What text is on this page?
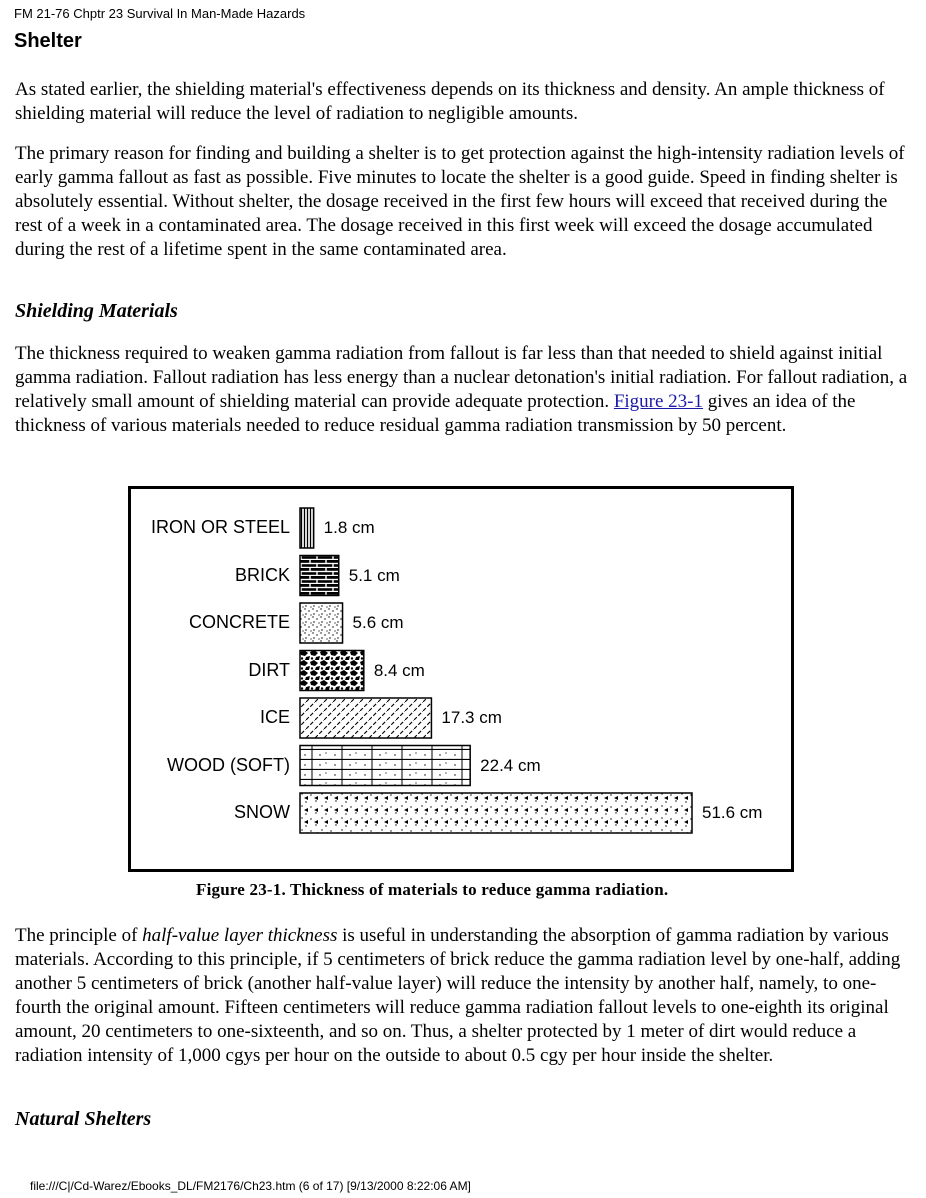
FM 21-76 Chptr 23 Survival In Man-Made Hazards
Shelter

As stated earlier, the shielding material's effectiveness depends on its thickness and density. An ample thickness of shielding material will reduce the level of radiation to negligible amounts.

The primary reason for finding and building a shelter is to get protection against the high-intensity radiation levels of early gamma fallout as fast as possible. Five minutes to locate the shelter is a good guide. Speed in finding shelter is absolutely essential. Without shelter, the dosage received in the first few hours will exceed that received during the rest of a week in a contaminated area. The dosage received in this first week will exceed the dosage accumulated during the rest of a lifetime spent in the same contaminated area.

Shielding Materials

The thickness required to weaken gamma radiation from fallout is far less than that needed to shield against initial gamma radiation. Fallout radiation has less energy than a nuclear detonation's initial radiation. For fallout radiation, a relatively small amount of shielding material can provide adequate protection. Figure 23-1 gives an idea of the thickness of various materials needed to reduce residual gamma radiation transmission by 50 percent.

IRON OR STEEL 1.8 cm
BRICK	5.1 cm
CONCRETE	5.6 cm
DIRT	8.4 cm
ICE	17.3 cm
WOOD (SOFT)	22.4 cm
SNOW	51.6 cm
Figure 23-1. Thickness of materials to reduce gamma radiation.

The principle of half-value layer thickness is useful in understanding the absorption of gamma radiation by various materials. According to this principle, if 5 centimeters of brick reduce the gamma radiation level by one-half, adding another 5 centimeters of brick (another half-value layer) will reduce the intensity by another half, namely, to one-fourth the original amount. Fifteen centimeters will reduce gamma radiation fallout levels to one-eighth its original amount, 20 centimeters to one-sixteenth, and so on. Thus, a shelter protected by 1 meter of dirt would reduce a radiation intensity of 1,000 cgys per hour on the outside to about 0.5 cgy per hour inside the shelter.

Natural Shelters
file:///C|/Cd-Warez/Ebooks_DL/FM2176/Ch23.htm (6 of 17) [9/13/2000 8:22:06 AM]
